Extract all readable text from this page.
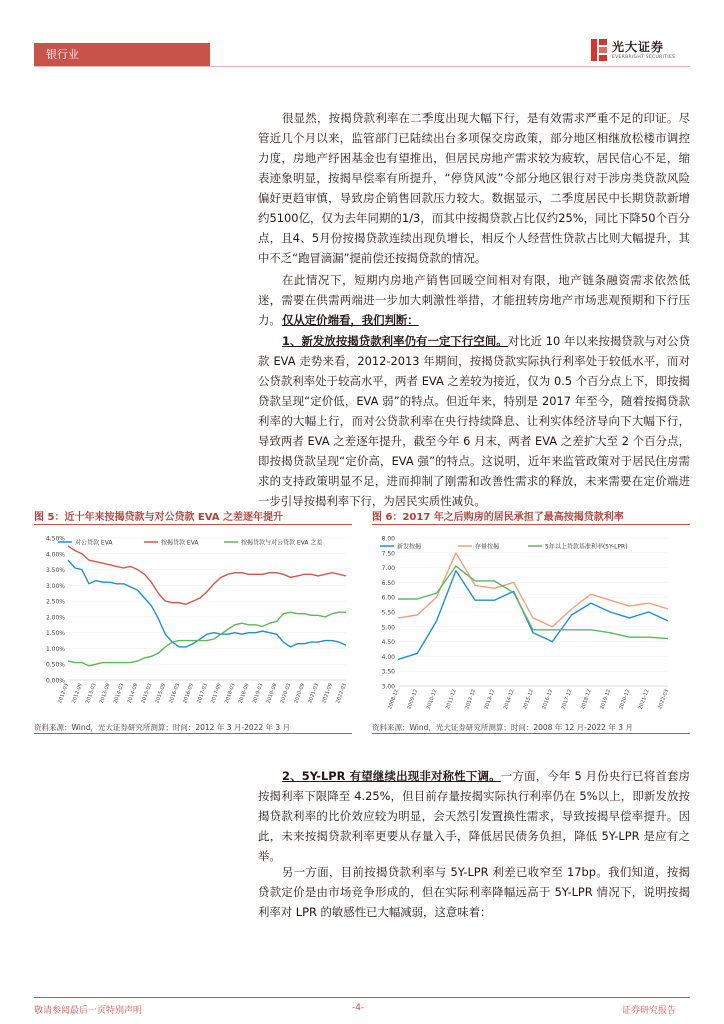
银行业
光大证券
EVERBRIGHT SECURITIES
很显然，按揭贷款利率在二季度出现大幅下行，是有效需求严重不足的印证。尽管近几个月以来，监管部门已陆续出台多项保交房政策，部分地区相继放松楼市调控力度，房地产纾困基金也有望推出，但居民房地产需求较为疲软，居民信心不足，缩表迹象明显，按揭早偿率有所提升，“停贷风波”令部分地区银行对于涉房类贷款风险偏好更趋审慎，导致房企销售回款压力较大。数据显示，二季度居民中长期贷款新增约5100亿，仅为去年同期的1/3，而其中按揭贷款占比仅约25%，同比下降50个百分点，且4、5月份按揭贷款连续出现负增长，相反个人经营性贷款占比则大幅提升，其中不乏“跑冒滴漏”提前偿还按揭贷款的情况。
在此情况下，短期内房地产销售回暖空间相对有限，地产链条融资需求依然低迷，需要在供需两端进一步加大刺激性举措，才能扭转房地产市场悲观预期和下行压力。 仅从定价端看，我们判断：
1、新发放按揭贷款利率仍有一定下行空间。对比近 10 年以来按揭贷款与对公贷款 EVA 走势来看，2012-2013 年期间，按揭贷款实际执行利率处于较低水平，而对公贷款利率处于较高水平，两者 EVA 之差较为接近，仅为 0.5 个百分点上下，即按揭贷款呈现“定价低，EVA 弱”的特点。但近年来，特别是 2017 年至今，随着按揭贷款利率的大幅上行，而对公贷款利率在央行持续降息、让利实体经济导向下大幅下行，导致两者 EVA 之差逐年提升，截至今年 6 月末，两者 EVA 之差扩大至 2 个百分点，即按揭贷款呈现“定价高，EVA 强”的特点。这说明，近年来监管政策对于居民住房需求的支持政策明显不足，进而抑制了刚需和改善性需求的释放，未来需要在定价端进一步引导按揭利率下行，为居民实质性减负。
图 5：近十年来按揭贷款与对公贷款 EVA 之差逐年提升
0.00%
0.50%
1.00%
1.50%
2.00%
2.50%
3.00%
3.50%
4.00%
4.50%
2012-03 2012-09 2013-03 2013-09 2014-03 2014-09 2015-03 2015-09 2016-03 2016-09 2017-03 2017-09 2018-03 2018-09 2019-03 2019-09 2020-03 2020-09 2021-03 2021-09 2022-03
对公贷款 EVA	按揭贷款 EVA	按揭贷款与对公贷款 EVA 之差
资料来源：Wind，光大证券研究所测算；时间：2012 年 3 月-2022 年 3 月
图 6：2017 年之后购房的居民承担了最高按揭贷款利率
3.00
3.50
4.00
4.50
5.00
5.50
6.00
6.50
7.00
7.50
8.00
2008-12 2009-12 2010-12 2011-12 2012-12 2013-12 2014-12 2015-12 2016-12 2017-12 2018-12 2019-12 2020-12 2021-12 2022-03
新发按揭	存量按揭	5年以上贷款基准利率(5Y-LPR)
资料来源：Wind，光大证券研究所测算；时间：2008 年 12 月-2022 年 3 月
2、5Y-LPR 有望继续出现非对称性下调。一方面，今年 5 月份央行已将首套房按揭利率下限降至 4.25%，但目前存量按揭实际执行利率仍在 5%以上，即新发放按揭贷款利率的比价效应较为明显，会天然引发置换性需求，导致按揭早偿率提升。因此，未来按揭贷款利率更要从存量入手，降低居民债务负担，降低 5Y-LPR 是应有之举。
另一方面，目前按揭贷款利率与 5Y-LPR 利差已收窄至 17bp。我们知道，按揭贷款定价是由市场竞争形成的，但在实际利率降幅远高于 5Y-LPR 情况下，说明按揭利率对 LPR 的敏感性已大幅减弱，这意味着：
敬请参阅最后一页特别声明	-4-	证券研究报告
